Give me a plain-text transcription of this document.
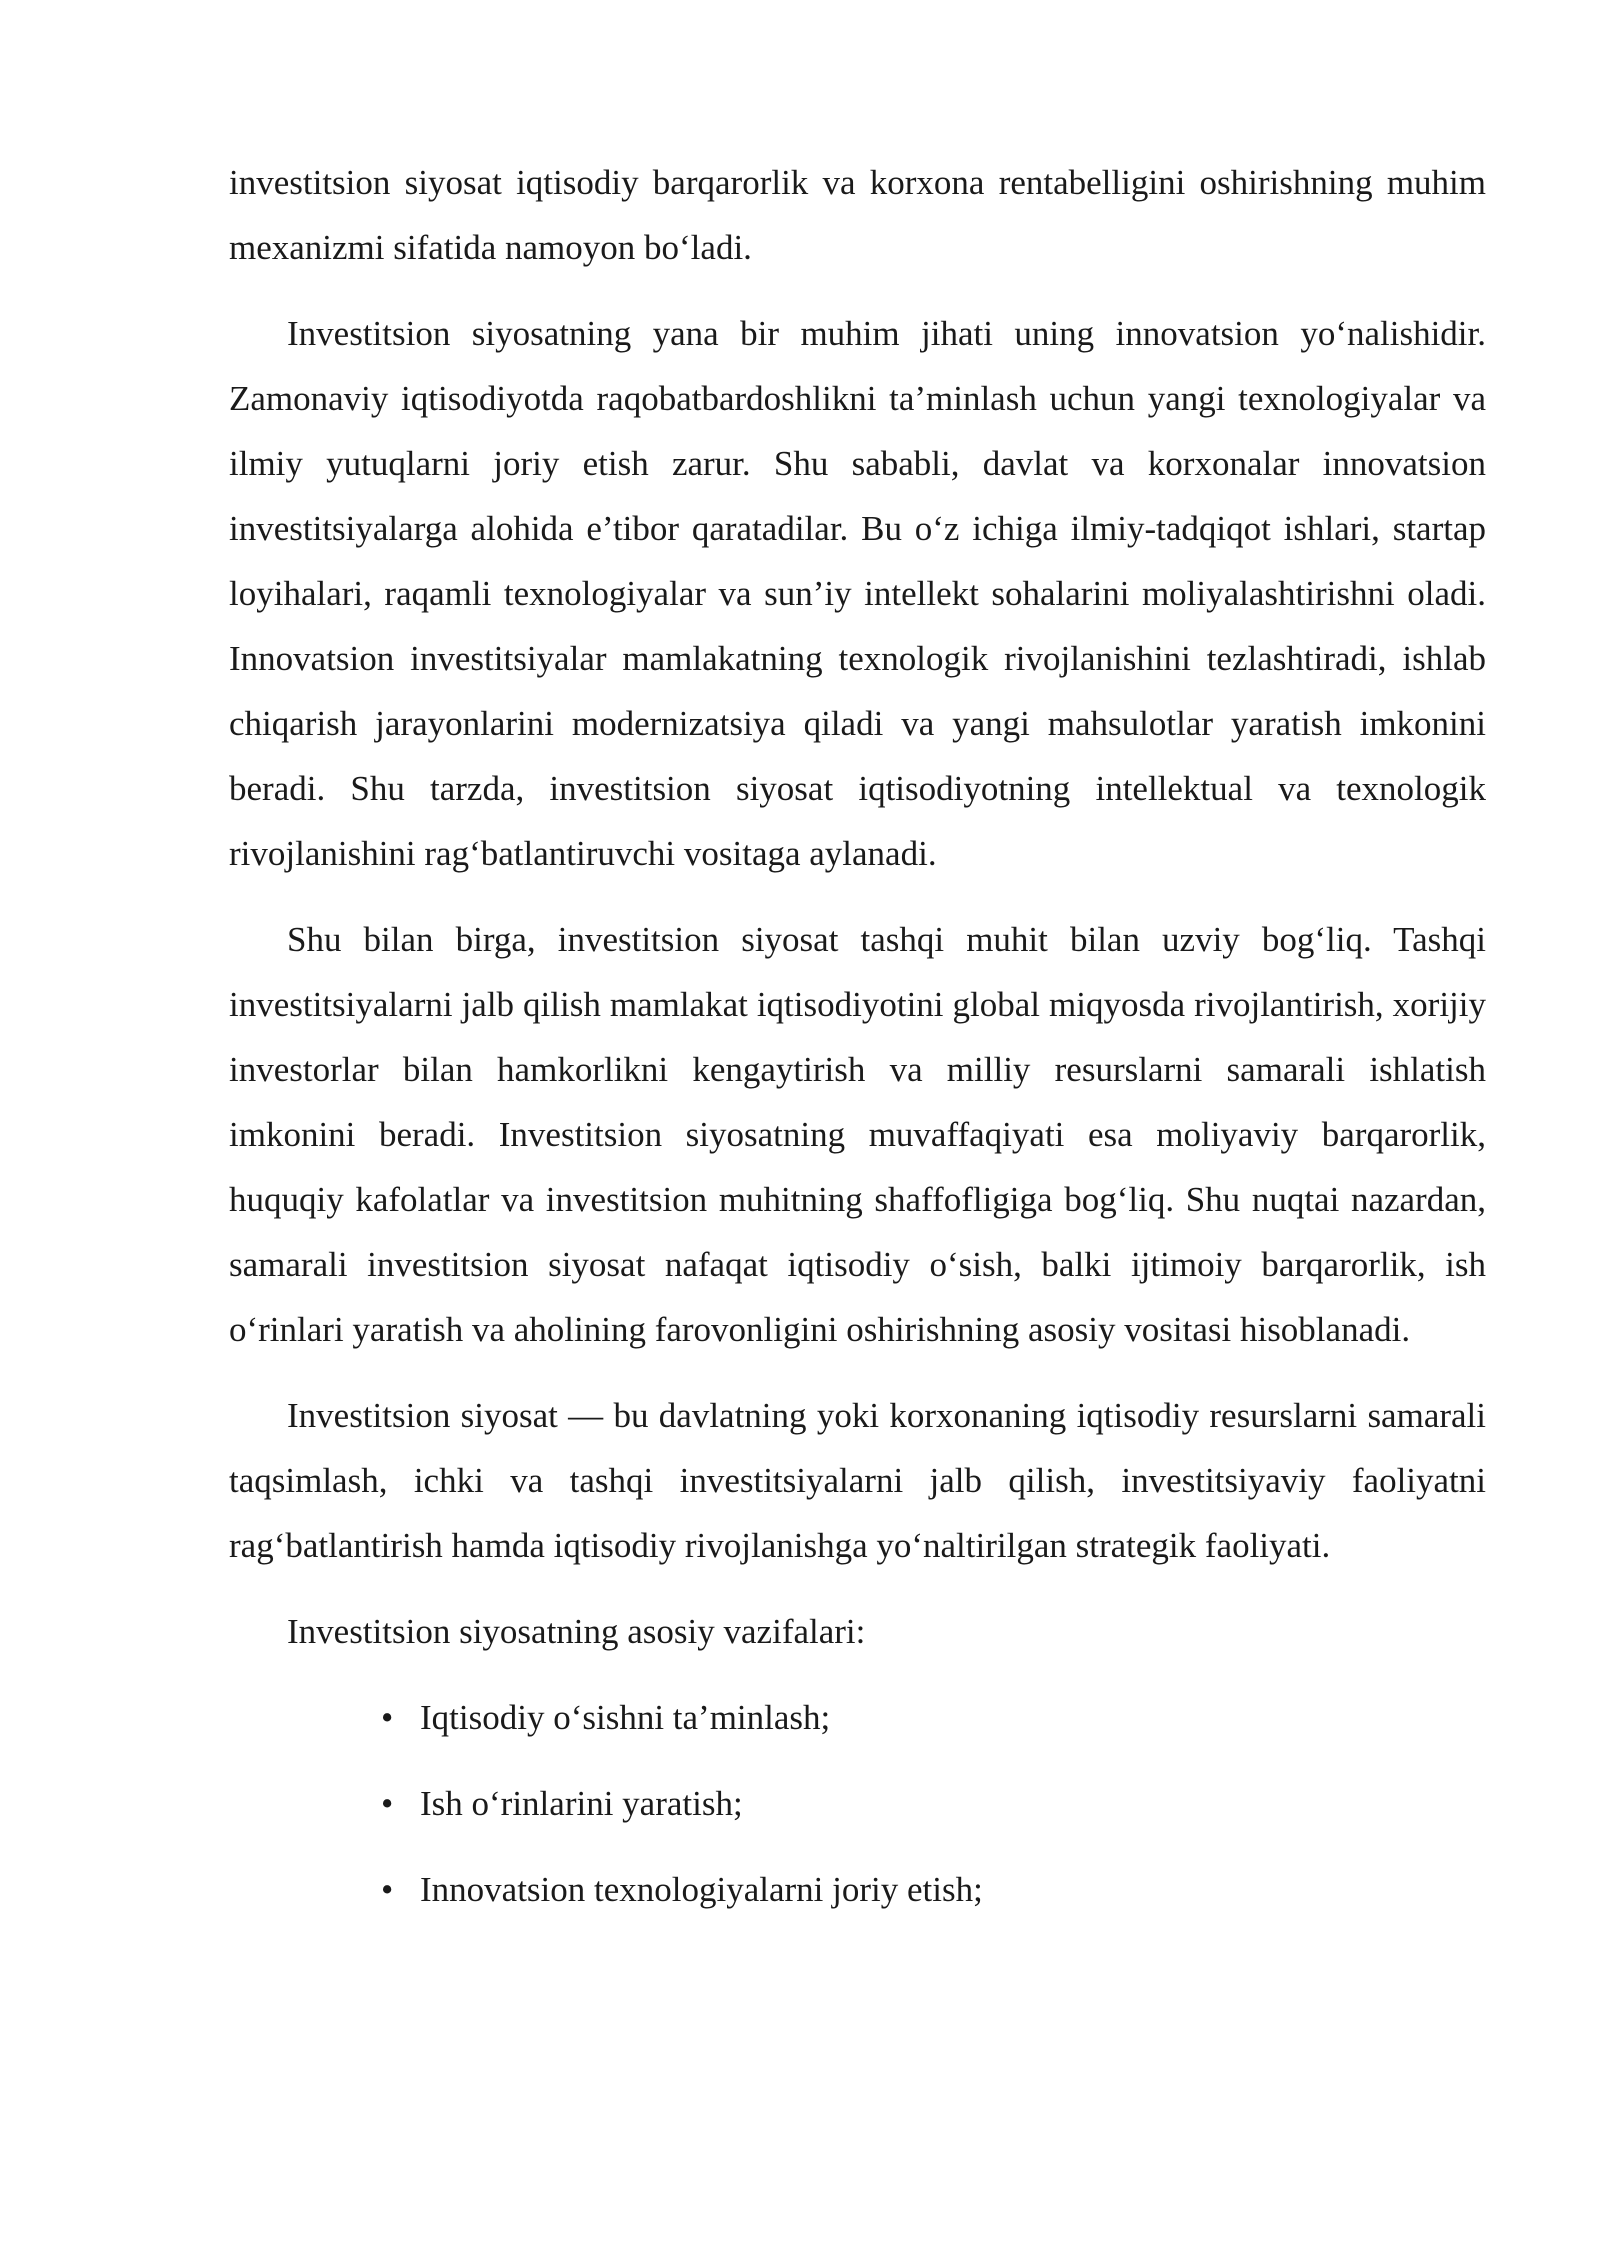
investitsion siyosat iqtisodiy barqarorlik va korxona rentabelligini oshirishning muhim mexanizmi sifatida namoyon bo‘ladi.

Investitsion siyosatning yana bir muhim jihati uning innovatsion yo‘nalishidir. Zamonaviy iqtisodiyotda raqobatbardoshlikni ta’minlash uchun yangi texnologiyalar va ilmiy yutuqlarni joriy etish zarur. Shu sababli, davlat va korxonalar innovatsion investitsiyalarga alohida e’tibor qaratadilar. Bu o‘z ichiga ilmiy-tadqiqot ishlari, startap loyihalari, raqamli texnologiyalar va sun’iy intellekt sohalarini moliyalashtirishni oladi. Innovatsion investitsiyalar mamlakatning texnologik rivojlanishini tezlashtiradi, ishlab chiqarish jarayonlarini modernizatsiya qiladi va yangi mahsulotlar yaratish imkonini beradi. Shu tarzda, investitsion siyosat iqtisodiyotning intellektual va texnologik rivojlanishini rag‘batlantiruvchi vositaga aylanadi.

Shu bilan birga, investitsion siyosat tashqi muhit bilan uzviy bog‘liq. Tashqi investitsiyalarni jalb qilish mamlakat iqtisodiyotini global miqyosda rivojlantirish, xorijiy investorlar bilan hamkorlikni kengaytirish va milliy resurslarni samarali ishlatish imkonini beradi. Investitsion siyosatning muvaffaqiyati esa moliyaviy barqarorlik, huquqiy kafolatlar va investitsion muhitning shaffofligiga bog‘liq. Shu nuqtai nazardan, samarali investitsion siyosat nafaqat iqtisodiy o‘sish, balki ijtimoiy barqarorlik, ish o‘rinlari yaratish va aholining farovonligini oshirishning asosiy vositasi hisoblanadi.

Investitsion siyosat — bu davlatning yoki korxonaning iqtisodiy resurslarni samarali taqsimlash, ichki va tashqi investitsiyalarni jalb qilish, investitsiyaviy faoliyatni rag‘batlantirish hamda iqtisodiy rivojlanishga yo‘naltirilgan strategik faoliyati.

Investitsion siyosatning asosiy vazifalari:

• Iqtisodiy o‘sishni ta’minlash;
• Ish o‘rinlarini yaratish;
• Innovatsion texnologiyalarni joriy etish;
